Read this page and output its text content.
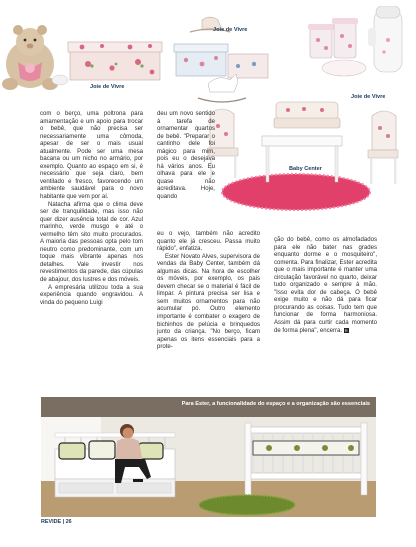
Joie de Vivre
Joie de Vivre
Joie de Vivre
Baby Center

com o berço, uma poltrona para amamentação e um apoio para trocar o bebê, que não precisa ser necessariamente uma cômoda, apesar de ser o mais usual atualmente. Pode ser uma mesa bacana ou um nicho no armário, por exemplo. Quanto ao espaço em si, é necessário que seja claro, bem ventilado e fresco, favorecendo um ambiente saudável para o novo habitante que vem por aí.

Natacha afirma que o clima deve ser de tranquilidade, mas isso não quer dizer ausência total de cor. Azul marinho, verde musgo e até o vermelho têm sito muito procurados. A maioria das pessoas opta pelo tom neutro como predominante, com um toque mais vibrante apenas nos detalhes. Vale investir nos revestimentos da parede, das cúpulas de abajour, dos lustres e dos móveis.

A empresária utilizou toda a sua experiência quando engravidou. A vinda do pequeno Luigi

deu um novo sentido à tarefa de ornamentar quartos de bebê. "Preparar o cantinho dele foi mágico para mim, pois eu o desejava há vários anos. Eu olhava para ele e quase não acreditava. Hoje, quando

eu o vejo, também não acredito quanto ele já cresceu. Passa muito rápido", enfatiza.

Ester Novato Alves, supervisora de vendas da Baby Center, também dá algumas dicas. Na hora de escolher os móveis, por exemplo, os pais devem checar se o material é fácil de limpar. A pintura precisa ser lisa e sem muitos ornamentos para não acumular pó. Outro elemento importante é combater o exagero de bichinhos de pelúcia e brinquedos junto da criança. "No berço, ficam apenas os itens essenciais para a prote-

ção do bebê, como os almofadados para ele não bater nas grades enquanto dorme e o mosquiteiro", comenta. Para finalizar, Ester acredita que o mais importante é manter uma circulação favorável no quarto, deixar tudo organizado e sempre à mão. "Isso evita dor de cabeça. O bebê exige muito e não dá para ficar procurando as coisas. Tudo tem que funcionar de forma harmoniosa. Assim dá para curtir cada momento de forma plena", encerra. R

Para Ester, a funcionalidade do espaço e a organização são essenciais
REVIDE | 26
